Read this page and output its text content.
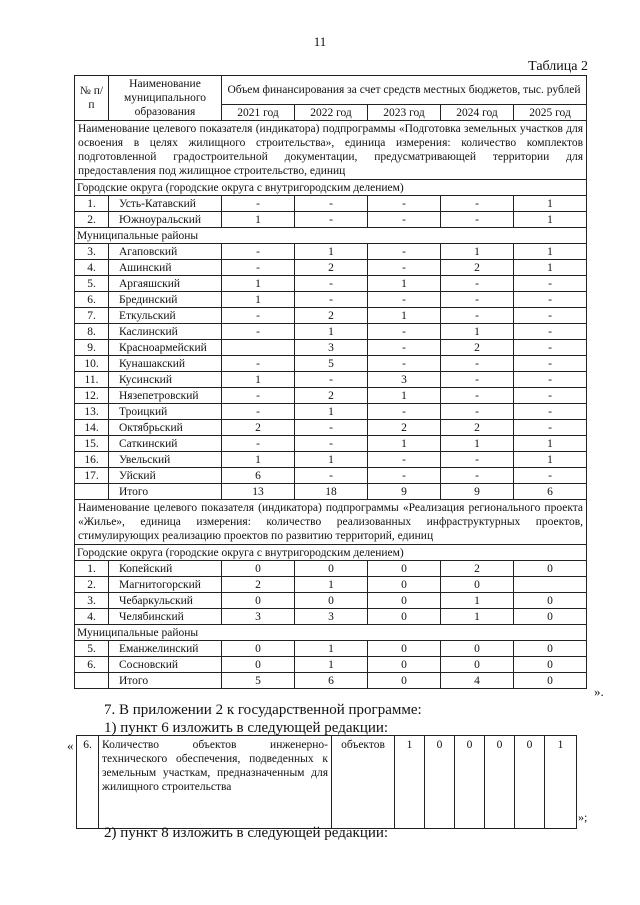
11
Таблица 2
№ п/п	Наименование муниципального образования	Объем финансирования за счет средств местных бюджетов, тыс. рублей				
		2021 год	2022 год	2023 год	2024 год	2025 год
Наименование целевого показателя (индикатора) подпрограммы «Подготовка земельных участков для освоения в целях жилищного строительства», единица измерения: количество комплектов подготовленной градостроительной документации, предусматривающей территории для предоставления под жилищное строительство, единиц						
Городские округа (городские округа с внутригородским делением)						
1.	Усть-Катавский	-	-	-	-	1
2.	Южноуральский	1	-	-	-	1
Муниципальные районы						
3.	Агаповский	-	1	-	1	1
4.	Ашинский	-	2	-	2	1
5.	Аргаяшский	1	-	1	-	-
6.	Брединский	1	-	-	-	-
7.	Еткульский	-	2	1	-	-
8.	Каслинский	-	1	-	1	-
9.	Красноармейский		3	-	2	-
10.	Кунашакский	-	5	-	-	-
11.	Кусинский	1	-	3	-	-
12.	Нязепетровский	-	2	1	-	-
13.	Троицкий	-	1	-	-	-
14.	Октябрьский	2	-	2	2	-
15.	Саткинский	-	-	1	1	1
16.	Увельский	1	1	-	-	1
17.	Уйский	6	-	-	-	-
	Итого	13	18	9	9	6
Наименование целевого показателя (индикатора) подпрограммы «Реализация регионального проекта «Жилье», единица измерения: количество реализованных инфраструктурных проектов, стимулирующих реализацию проектов по развитию территорий, единиц						
Городские округа (городские округа с внутригородским делением)						
1.	Копейский	0	0	0	2	0
2.	Магнитогорский	2	1	0	0	
3.	Чебаркульский	0	0	0	1	0
4.	Челябинский	3	3	0	1	0
Муниципальные районы						
5.	Еманжелинский	0	1	0	0	0
6.	Сосновский	0	1	0	0	0
	Итого	5	6	0	4	0
».
7. В приложении 2 к государственной программе:
1) пункт 6 изложить в следующей редакции:
« 6.	Количество объектов инженерно-технического обеспечения, подведенных к земельным участкам, предназначенным для жилищного строительства	объектов	1	0	0	0	0	1
»;
2) пункт 8 изложить в следующей редакции:
